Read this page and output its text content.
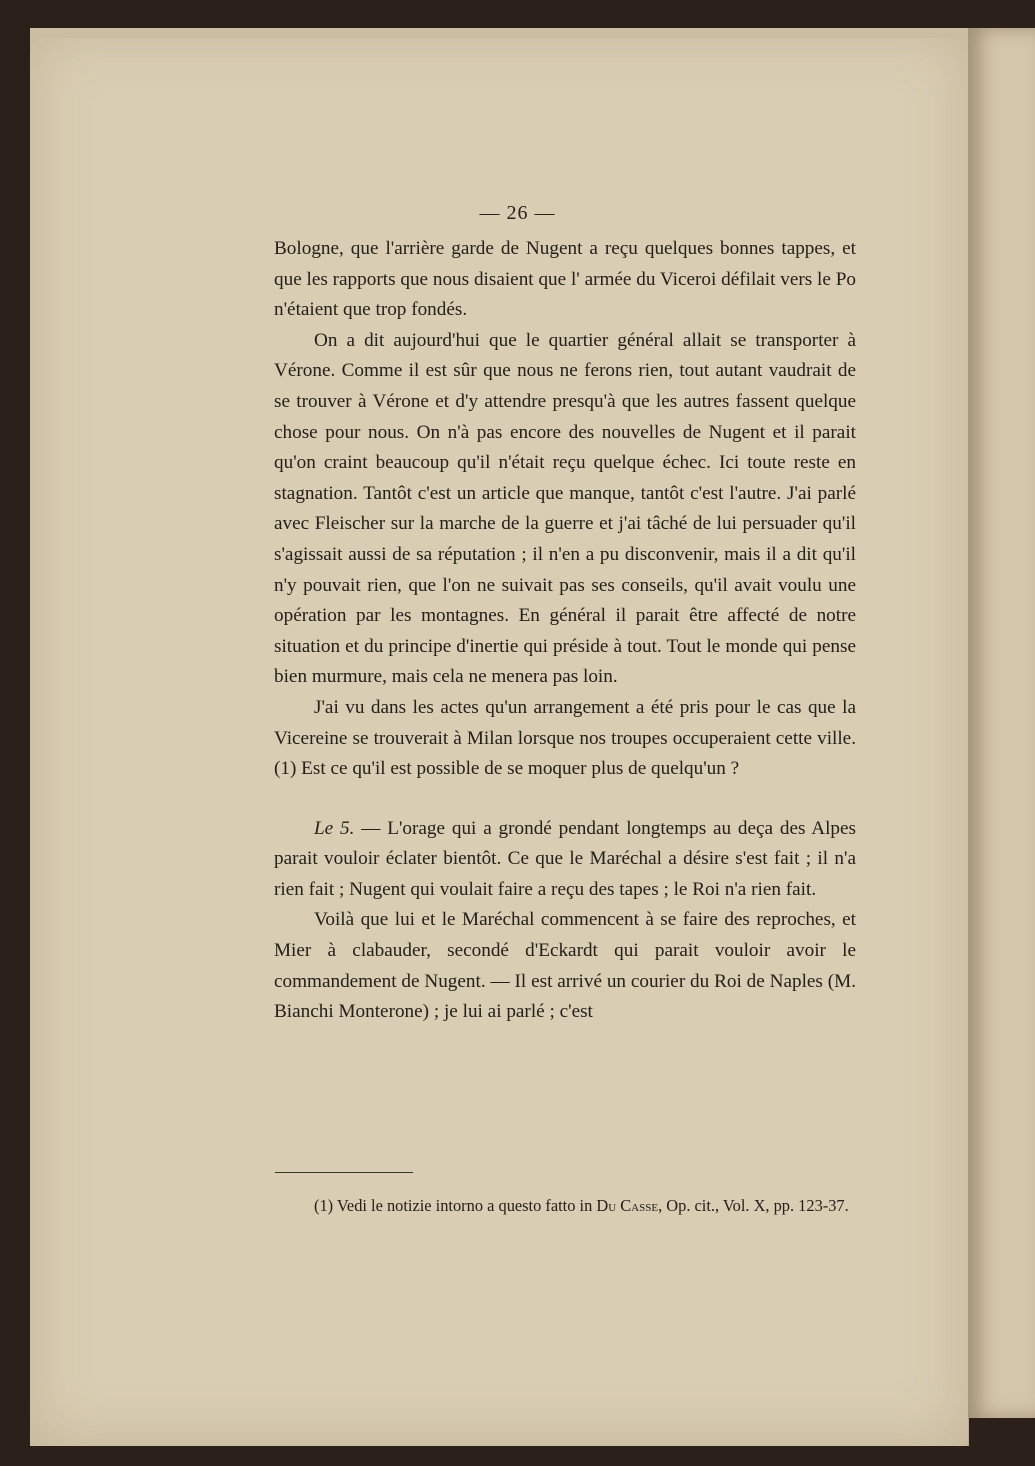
— 26 —

Bologne, que l'arrière garde de Nugent a reçu quelques bonnes tappes, et que les rapports que nous disaient que l' armée du Viceroi défilait vers le Po n'étaient que trop fondés.

On a dit aujourd'hui que le quartier général allait se transporter à Vérone. Comme il est sûr que nous ne ferons rien, tout autant vaudrait de se trouver à Vérone et d'y attendre presqu'à que les autres fassent quelque chose pour nous. On n'à pas encore des nouvelles de Nugent et il parait qu'on craint beaucoup qu'il n'était reçu quelque échec. Ici toute reste en stagnation. Tantôt c'est un article que manque, tantôt c'est l'autre. J'ai parlé avec Fleischer sur la marche de la guerre et j'ai tâché de lui persuader qu'il s'agissait aussi de sa réputation ; il n'en a pu disconvenir, mais il a dit qu'il n'y pouvait rien, que l'on ne suivait pas ses conseils, qu'il avait voulu une opération par les montagnes. En général il parait être affecté de notre situation et du principe d'inertie qui préside à tout. Tout le monde qui pense bien murmure, mais cela ne menera pas loin.

J'ai vu dans les actes qu'un arrangement a été pris pour le cas que la Vicereine se trouverait à Milan lorsque nos troupes occuperaient cette ville. (1) Est ce qu'il est possible de se moquer plus de quelqu'un ?

Le 5. — L'orage qui a grondé pendant longtemps au deça des Alpes parait vouloir éclater bientôt. Ce que le Maréchal a désire s'est fait ; il n'a rien fait ; Nugent qui voulait faire a reçu des tapes ; le Roi n'a rien fait.

Voilà que lui et le Maréchal commencent à se faire des reproches, et Mier à clabauder, secondé d'Eckardt qui parait vouloir avoir le commandement de Nugent. — Il est arrivé un courier du Roi de Naples (M. Bianchi Monterone) ; je lui ai parlé ; c'est

(1) Vedi le notizie intorno a questo fatto in Du Casse, Op. cit., Vol. X, pp. 123-37.
